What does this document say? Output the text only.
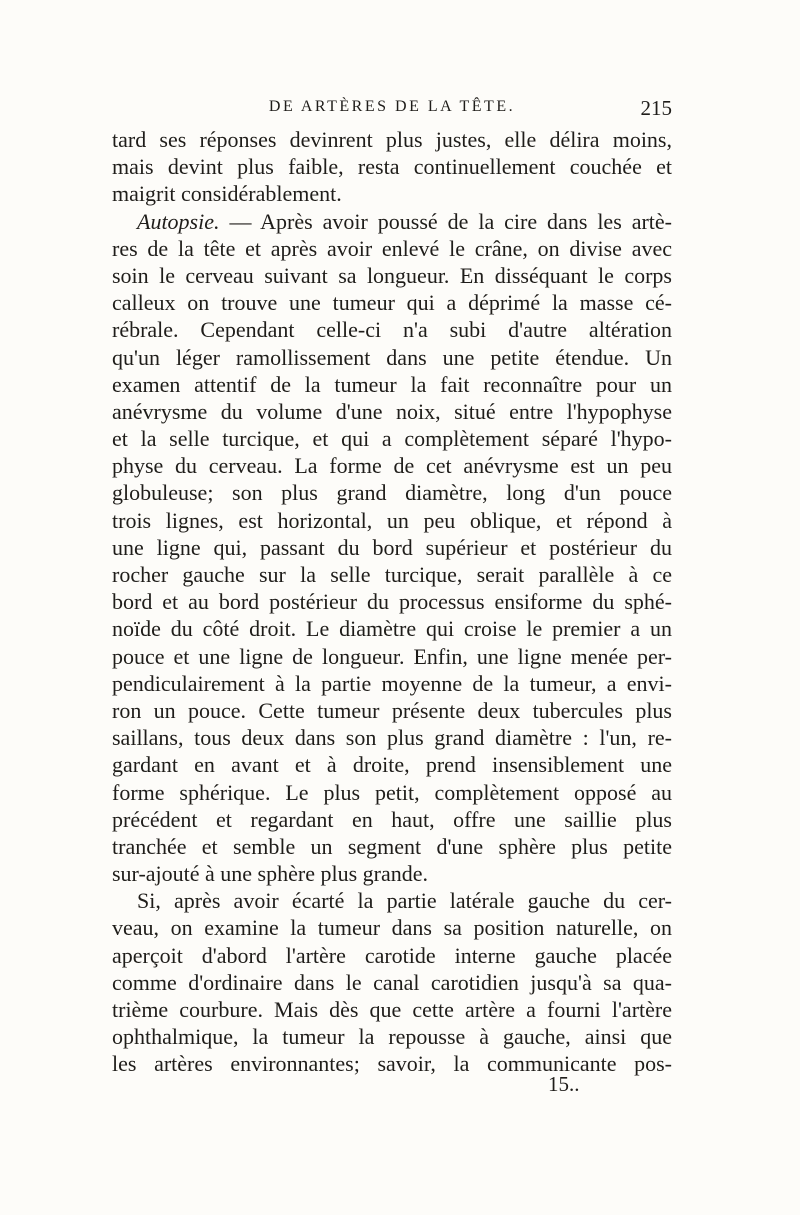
DE ARTÈRES DE LA TÊTE.	215
tard ses réponses devinrent plus justes, elle délira moins,
mais devint plus faible, resta continuellement couchée et
maigrit considérablement.
Autopsie. — Après avoir poussé de la cire dans les artè-
res de la tête et après avoir enlevé le crâne, on divise avec
soin le cerveau suivant sa longueur. En disséquant le corps
calleux on trouve une tumeur qui a déprimé la masse cé-
rébrale. Cependant celle-ci n'a subi d'autre altération
qu'un léger ramollissement dans une petite étendue. Un
examen attentif de la tumeur la fait reconnaître pour un
anévrysme du volume d'une noix, situé entre l'hypophyse
et la selle turcique, et qui a complètement séparé l'hypo-
physe du cerveau. La forme de cet anévrysme est un peu
globuleuse; son plus grand diamètre, long d'un pouce
trois lignes, est horizontal, un peu oblique, et répond à
une ligne qui, passant du bord supérieur et postérieur du
rocher gauche sur la selle turcique, serait parallèle à ce
bord et au bord postérieur du processus ensiforme du sphé-
noïde du côté droit. Le diamètre qui croise le premier a un
pouce et une ligne de longueur. Enfin, une ligne menée per-
pendiculairement à la partie moyenne de la tumeur, a envi-
ron un pouce. Cette tumeur présente deux tubercules plus
saillans, tous deux dans son plus grand diamètre : l'un, re-
gardant en avant et à droite, prend insensiblement une
forme sphérique. Le plus petit, complètement opposé au
précédent et regardant en haut, offre une saillie plus
tranchée et semble un segment d'une sphère plus petite
sur-ajouté à une sphère plus grande.
Si, après avoir écarté la partie latérale gauche du cer-
veau, on examine la tumeur dans sa position naturelle, on
aperçoit d'abord l'artère carotide interne gauche placée
comme d'ordinaire dans le canal carotidien jusqu'à sa qua-
trième courbure. Mais dès que cette artère a fourni l'artère
ophthalmique, la tumeur la repousse à gauche, ainsi que
les artères environnantes; savoir, la communicante pos-
15..
